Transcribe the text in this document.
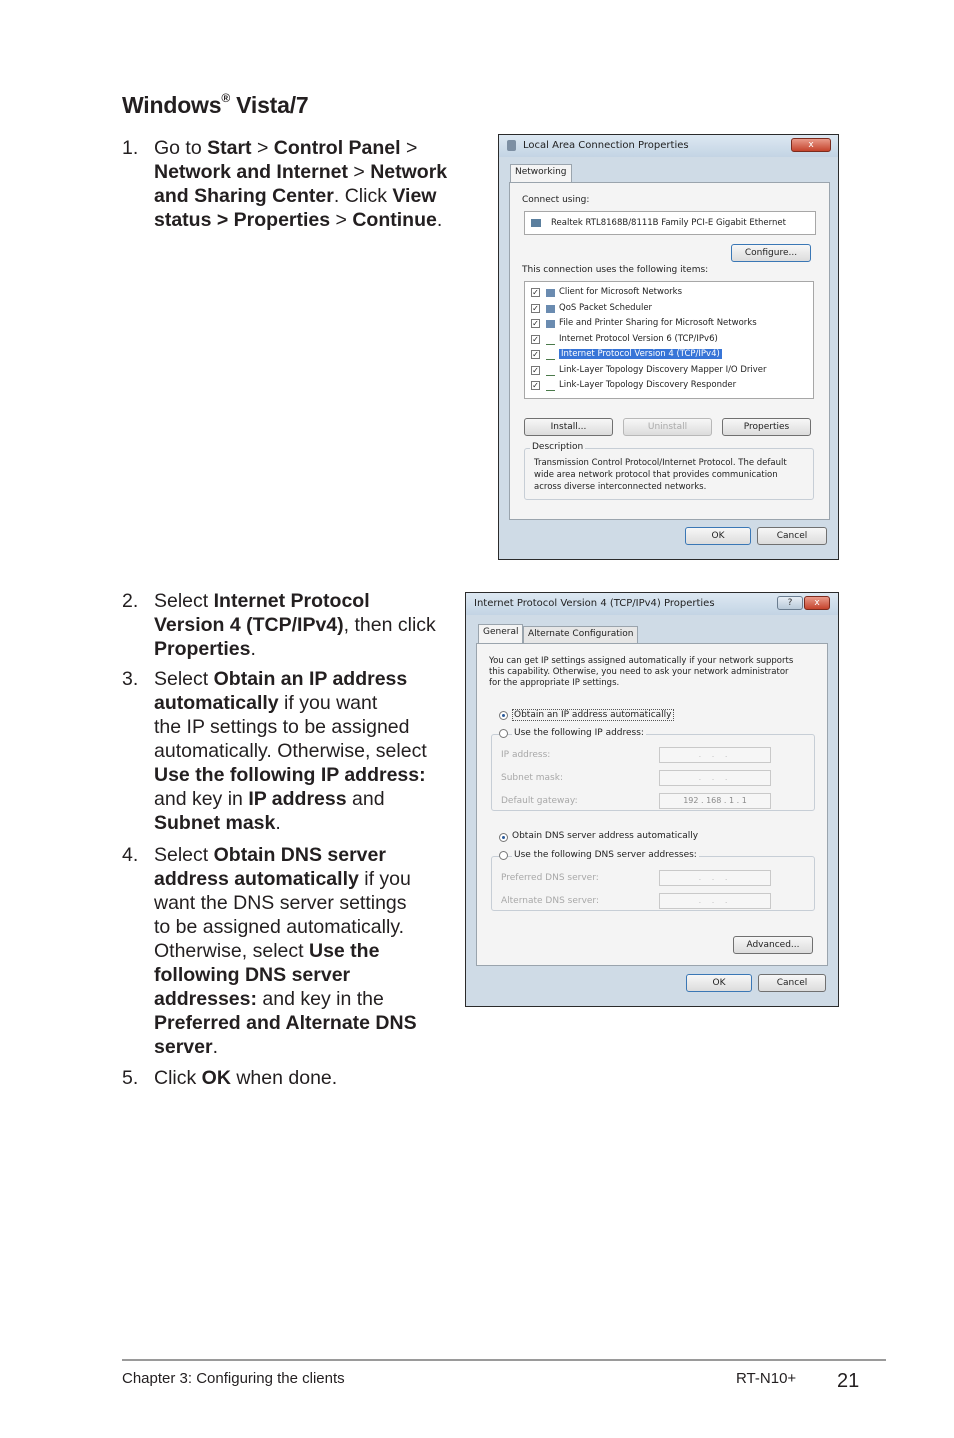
Windows® Vista/7
1. Go to Start > Control Panel >
Network and Internet > Network
and Sharing Center. Click View
status > Properties > Continue.
2. Select Internet Protocol
Version 4 (TCP/IPv4), then click
Properties.
3. Select Obtain an IP address
automatically if you want
the IP settings to be assigned
automatically. Otherwise, select
Use the following IP address:
and key in IP address and
Subnet mask.
4. Select Obtain DNS server
address automatically if you
want the DNS server settings
to be assigned automatically.
Otherwise, select Use the
following DNS server
addresses: and key in the
Preferred and Alternate DNS
server.
5. Click OK when done.
Local Area Connection Properties	x
Networking
Connect using:
Realtek RTL8168B/8111B Family PCI-E Gigabit Ethernet
Configure...
This connection uses the following items:
✓ Client for Microsoft Networks
✓ QoS Packet Scheduler
✓ File and Printer Sharing for Microsoft Networks
✓ Internet Protocol Version 6 (TCP/IPv6)
✓	Internet Protocol Version 4 (TCP/IPv4)
✓ Link-Layer Topology Discovery Mapper I/O Driver
✓ Link-Layer Topology Discovery Responder
Install...	Uninstall	Properties
Description
Transmission Control Protocol/Internet Protocol. The default
wide area network protocol that provides communication
across diverse interconnected networks.
OK	Cancel
Internet Protocol Version 4 (TCP/IPv4) Properties	?	x
General	Alternate Configuration
You can get IP settings assigned automatically if your network supports
this capability. Otherwise, you need to ask your network administrator
for the appropriate IP settings.
Obtain an IP address automatically
Use the following IP address:
IP address:	. . .
Subnet mask:	. . .
Default gateway:	192 . 168 . 1 . 1
Obtain DNS server address automatically
Use the following DNS server addresses:
Preferred DNS server:	. . .
Alternate DNS server:	. . .
Advanced...
OK	Cancel
Chapter 3: Configuring the clients	RT-N10+ 21
